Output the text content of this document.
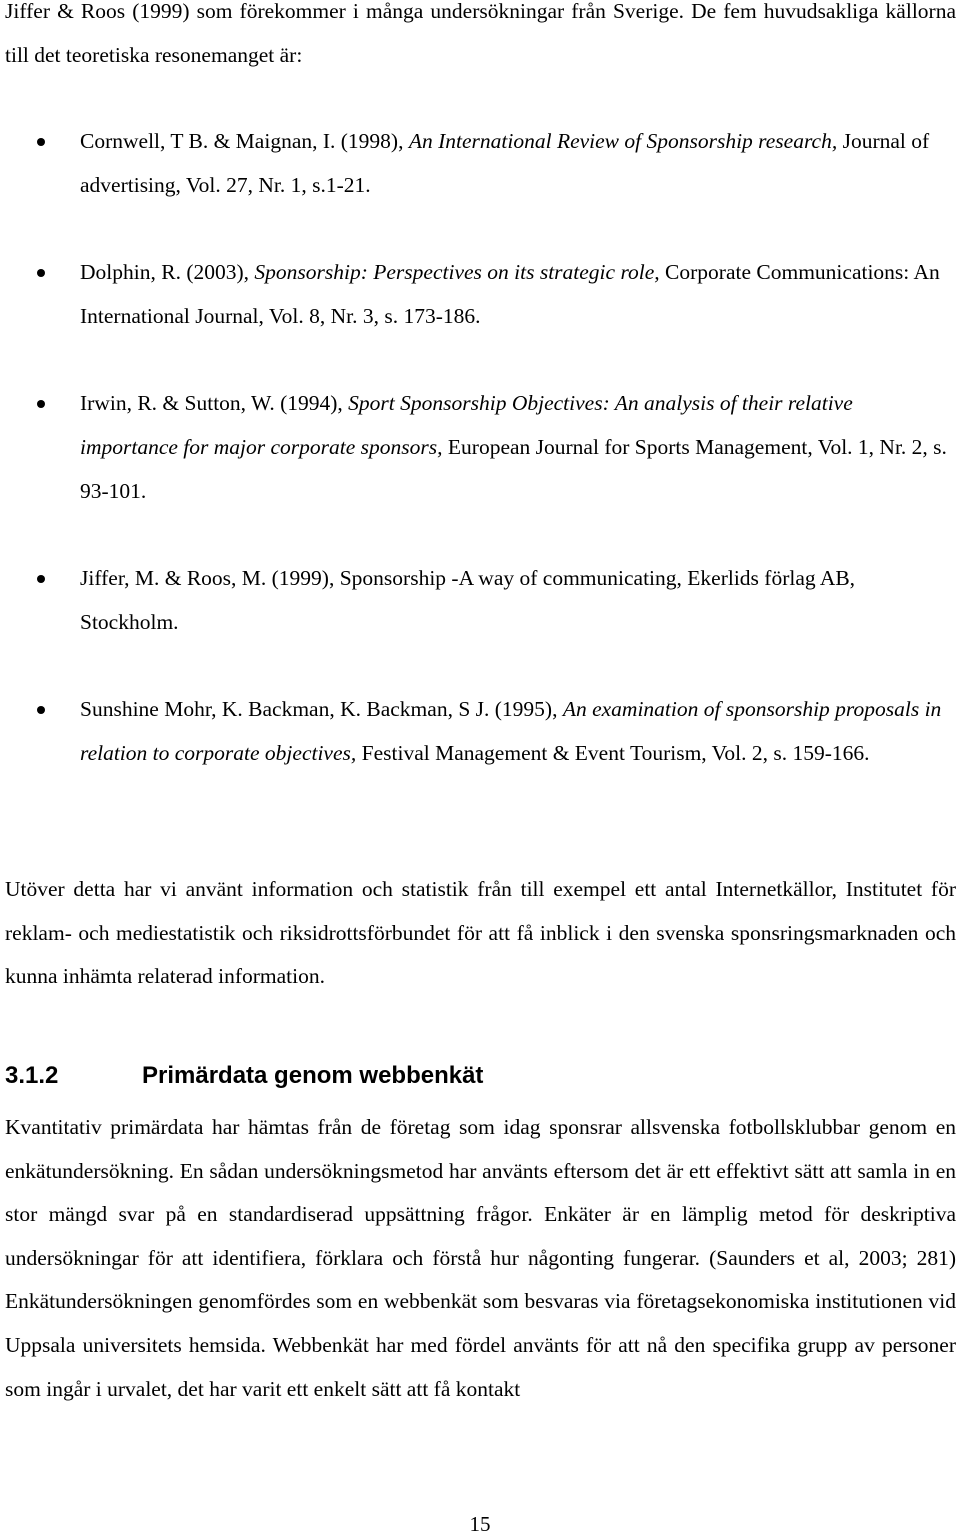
Jiffer & Roos (1999) som förekommer i många undersökningar från Sverige. De fem huvudsakliga källorna till det teoretiska resonemanget är:

Cornwell, T B. & Maignan, I. (1998), An International Review of Sponsorship research, Journal of advertising, Vol. 27, Nr. 1, s.1-21.
Dolphin, R. (2003), Sponsorship: Perspectives on its strategic role, Corporate Communications: An International Journal, Vol. 8, Nr. 3, s. 173-186.
Irwin, R. & Sutton, W. (1994), Sport Sponsorship Objectives: An analysis of their relative importance for major corporate sponsors, European Journal for Sports Management, Vol. 1, Nr. 2, s. 93-101.
Jiffer, M. & Roos, M. (1999), Sponsorship -A way of communicating, Ekerlids förlag AB, Stockholm.
Sunshine Mohr, K. Backman, K. Backman, S J. (1995), An examination of sponsorship proposals in relation to corporate objectives, Festival Management & Event Tourism, Vol. 2, s. 159-166.

Utöver detta har vi använt information och statistik från till exempel ett antal Internetkällor, Institutet för reklam- och mediestatistik och riksidrottsförbundet för att få inblick i den svenska sponsringsmarknaden och kunna inhämta relaterad information.

3.1.2	Primärdata genom webbenkät

Kvantitativ primärdata har hämtas från de företag som idag sponsrar allsvenska fotbollsklubbar genom en enkätundersökning. En sådan undersökningsmetod har använts eftersom det är ett effektivt sätt att samla in en stor mängd svar på en standardiserad uppsättning frågor. Enkäter är en lämplig metod för deskriptiva undersökningar för att identifiera, förklara och förstå hur någonting fungerar. (Saunders et al, 2003; 281) Enkätundersökningen genomfördes som en webbenkät som besvaras via företagsekonomiska institutionen vid Uppsala universitets hemsida. Webbenkät har med fördel använts för att nå den specifika grupp av personer som ingår i urvalet, det har varit ett enkelt sätt att få kontakt

15
